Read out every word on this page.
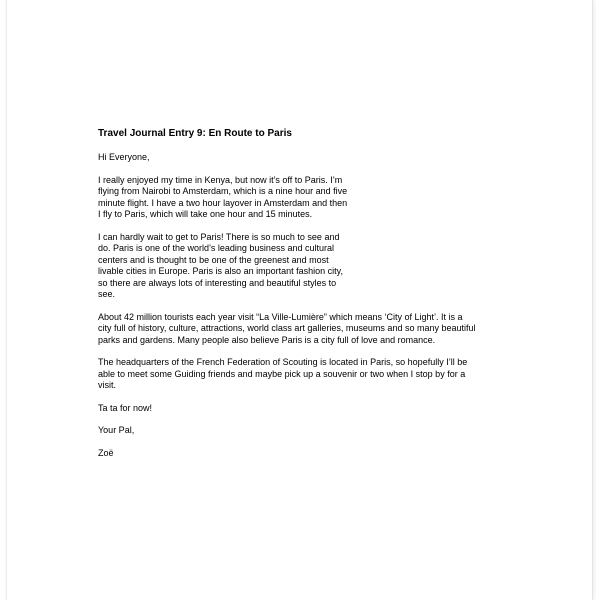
Travel Journal Entry 9: En Route to Paris

Hi Everyone,

I really enjoyed my time in Kenya, but now it’s off to Paris. I’m
flying from Nairobi to Amsterdam, which is a nine hour and five
minute flight. I have a two hour layover in Amsterdam and then
I fly to Paris, which will take one hour and 15 minutes.

I can hardly wait to get to Paris! There is so much to see and
do. Paris is one of the world’s leading business and cultural
centers and is thought to be one of the greenest and most
livable cities in Europe. Paris is also an important fashion city,
so there are always lots of interesting and beautiful styles to
see.

About 42 million tourists each year visit “La Ville-Lumière” which means ‘City of Light’. It is a
city full of history, culture, attractions, world class art galleries, museums and so many beautiful
parks and gardens. Many people also believe Paris is a city full of love and romance.

The headquarters of the French Federation of Scouting is located in Paris, so hopefully I’ll be
able to meet some Guiding friends and maybe pick up a souvenir or two when I stop by for a
visit.

Ta ta for now!

Your Pal,

Zoë
